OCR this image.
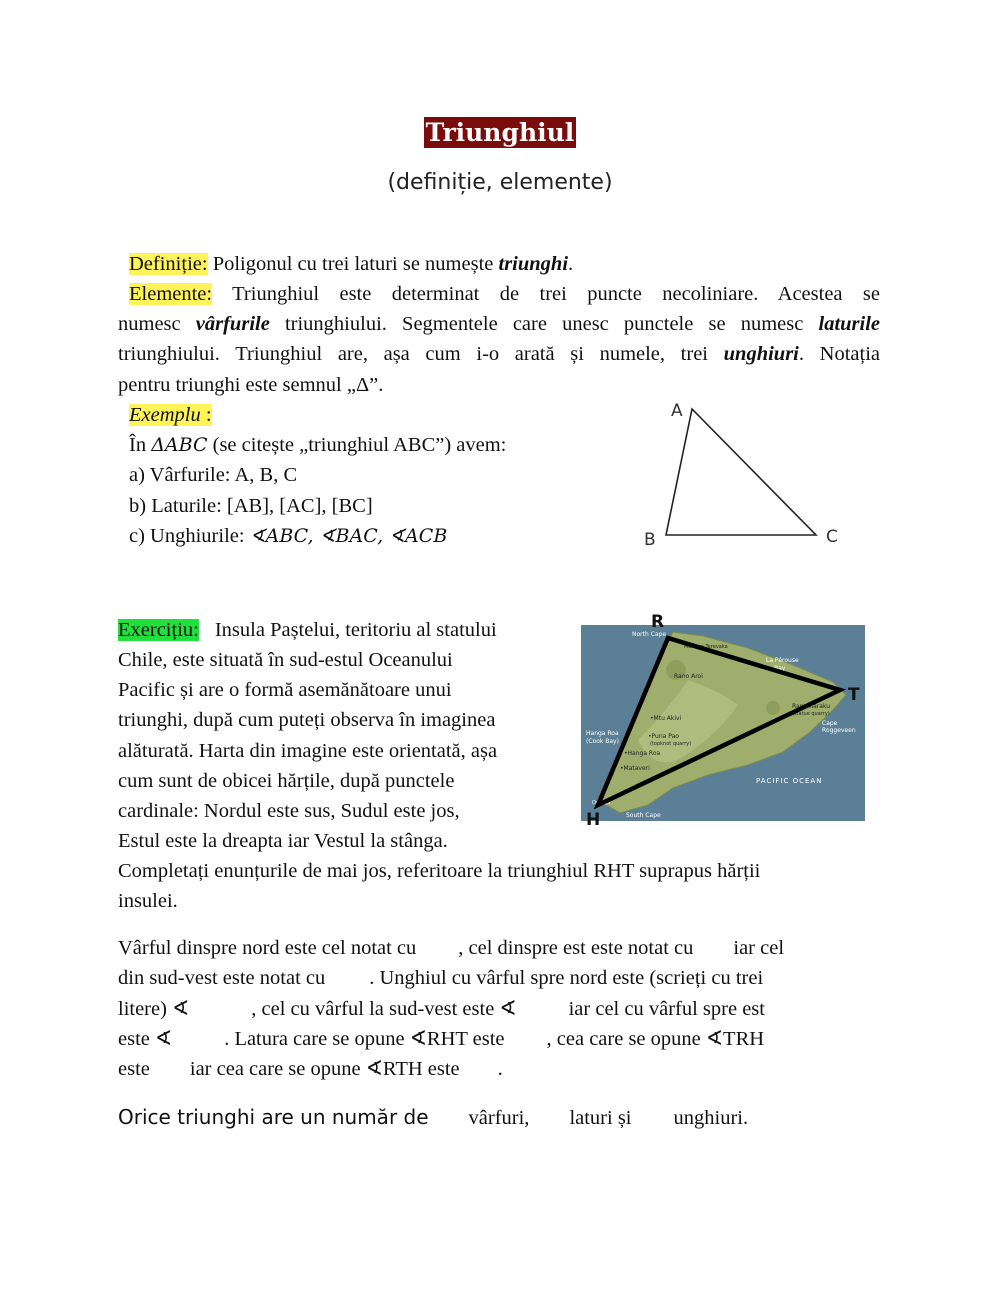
Triunghiul
(definiție, elemente)
Definiție: Poligonul cu trei laturi se numește triunghi.
Elemente: Triunghiul este determinat de trei puncte necoliniare. Acestea se
numesc vârfurile triunghiului. Segmentele care unesc punctele se numesc laturile
triunghiului. Triunghiul are, așa cum i-o arată și numele, trei unghiuri. Notația
pentru triunghi este semnul „Δ”.
Exemplu :
În ΔABC (se citește „triunghiul ABC”) avem:
a) Vârfurile: A, B, C
b) Laturile: [AB], [AC], [BC]
c) Unghiurile: ∢ABC, ∢BAC, ∢ACB
A
B	C
Exercițiu: Insula Paștelui, teritoriu al statului
Chile, este situată în sud-estul Oceanului
Pacific și are o formă asemănătoare unui
triunghi, după cum puteți observa în imaginea
alăturată. Harta din imagine este orientată, așa
cum sunt de obicei hărțile, după punctele
cardinale: Nordul este sus, Sudul este jos,
Estul este la dreapta iar Vestul la stânga.
Completați enunțurile de mai jos, referitoare la triunghiul RHT suprapus hărții
insulei.
North Cape
La Pérouse
Bay
Rano Aroi
Maunga Terevaka
Rano Raraku
(statue quarry)
•Mtu Akivi
Hanga Roa
(Cook Bay)
•Puna Pao
(topknot quarry)
•Hanga Roa
•Mataveri
Cape
Roggeveen
PACIFIC OCEAN
South Cape
Orongo
R
H
T
Vârful dinspre nord este cel notat cu , cel dinspre est este notat cu iar cel
din sud-vest este notat cu . Unghiul cu vârful spre nord este (scrieți cu trei
litere) ∢	, cel cu vârful la sud-vest este ∢	iar cel cu vârful spre est
este ∢	. Latura care se opune ∢RHT este , cea care se opune ∢TRH
este iar cea care se opune ∢RTH este .
Orice triunghi are un număr de vârfuri, laturi și unghiuri.
